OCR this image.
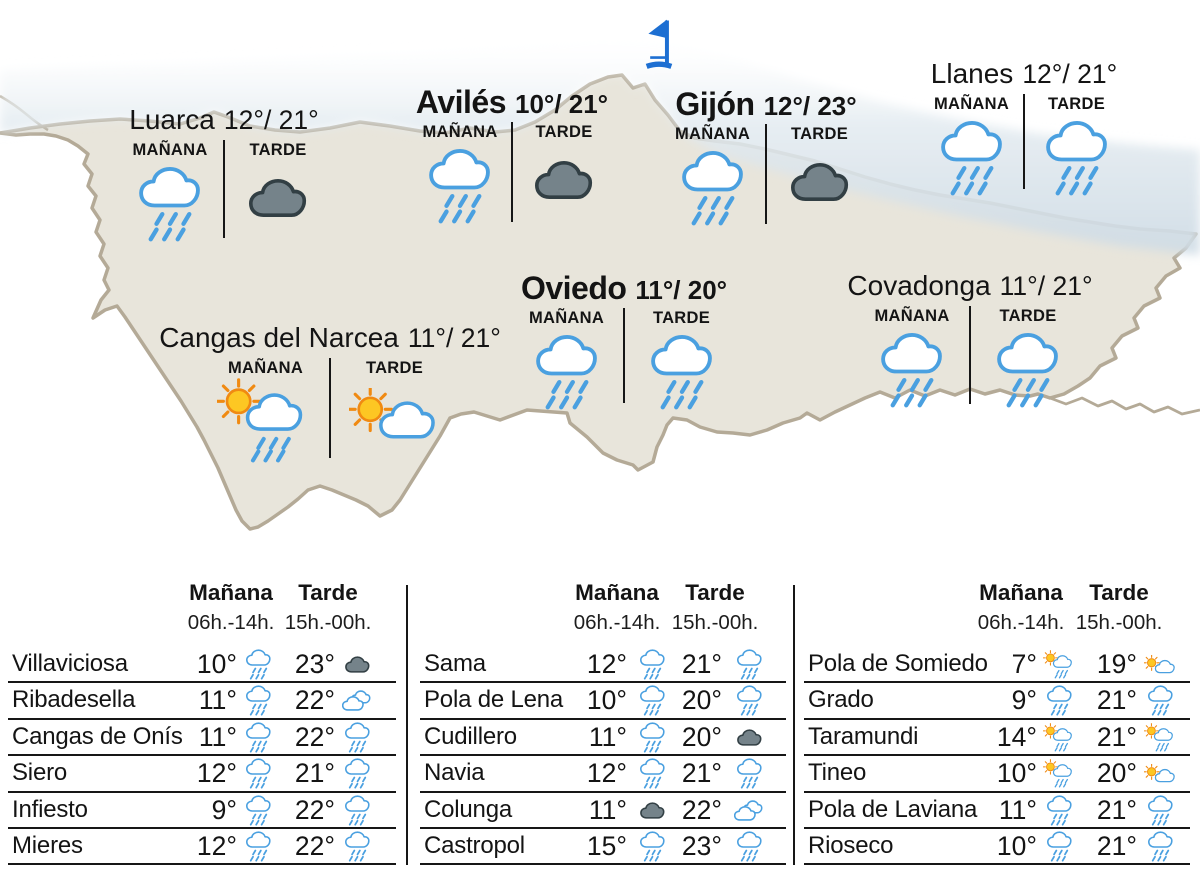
Luarca 12°/ 21°
MAÑANA	TARDE
Avilés 10°/ 21°
MAÑANA TARDE
Gijón 12°/ 23°
MAÑANA TARDE
Llanes 12°/ 21°
MAÑANA TARDE
Oviedo 11°/ 20°
MAÑANA	TARDE
Covadonga 11°/ 21°
MAÑANA	TARDE
Cangas del Narcea 11°/ 21°
MAÑANA	TARDE
Mañana	Tarde
06h.-14h. 15h.-00h.
Villaviciosa	10°	23°
Ribadesella	11°	22°
Cangas de Onís 11°	22°
Siero	12°	21°
Infiesto	9°	22°
Mieres	12°	22°
Mañana	Tarde
06h.-14h. 15h.-00h.
Sama	12°	21°
Pola de Lena 10°	20°
Cudillero	11°	20°
Navia	12°	21°
Colunga	11°	22°
Castropol	15°	23°
Mañana	Tarde
06h.-14h. 15h.-00h.
Pola de Somiedo 7°	19°
Grado	9°	21°
Taramundi	14°	21°
Tineo	10°	20°
Pola de Laviana 11°	21°
Rioseco	10°	21°
